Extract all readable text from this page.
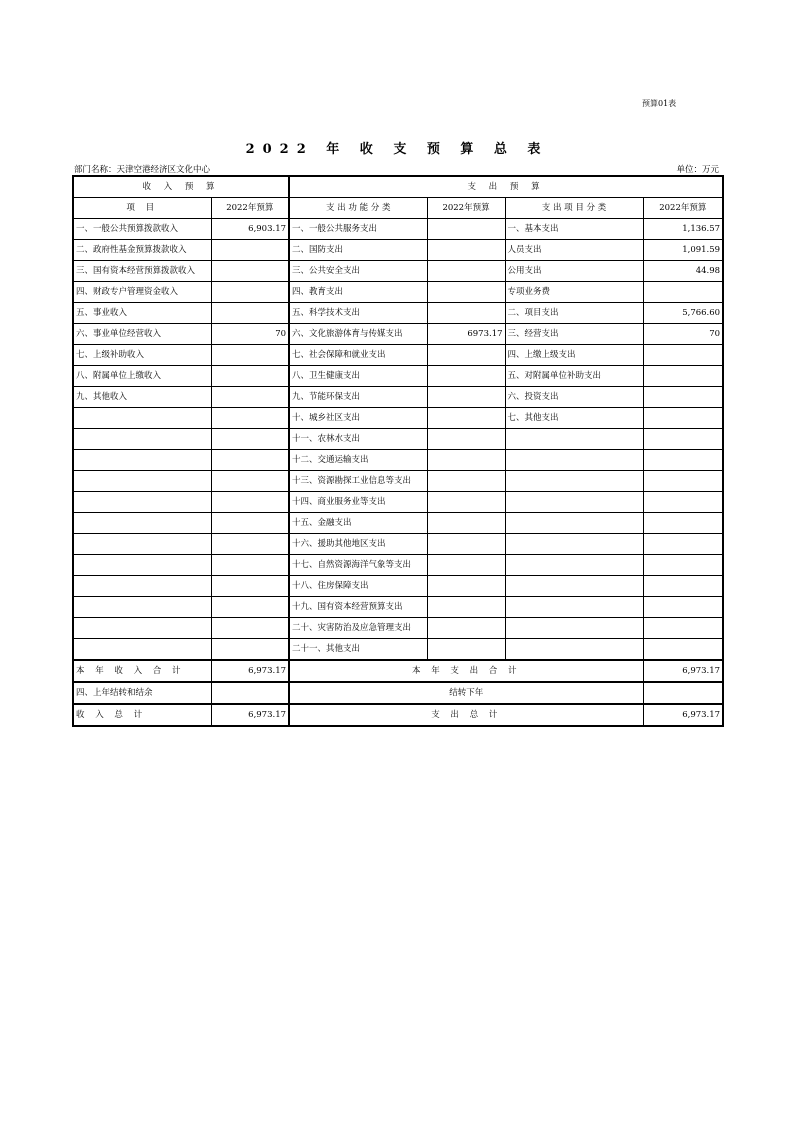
预算01表
2022 年 收 支 预 算 总 表
部门名称：天津空港经济区文化中心	单位：万元
收 入 预 算		支 出 预 算			
项 目	2022年预算	支 出 功 能 分 类	2022年预算	支 出 项 目 分 类	2022年预算
一、一般公共预算拨款收入	6,903.17	一、一般公共服务支出		一、基本支出	1,136.57
二、政府性基金预算拨款收入		二、国防支出		人员支出	1,091.59
三、国有资本经营预算拨款收入		三、公共安全支出		公用支出	44.98
四、财政专户管理资金收入		四、教育支出		专项业务费	
五、事业收入		五、科学技术支出		二、项目支出	5,766.60
六、事业单位经营收入	70	六、文化旅游体育与传媒支出	6973.17	三、经营支出	70
七、上级补助收入		七、社会保障和就业支出		四、上缴上级支出	
八、附属单位上缴收入		八、卫生健康支出		五、对附属单位补助支出	
九、其他收入		九、节能环保支出		六、投资支出	
		十、城乡社区支出		七、其他支出	
		十一、农林水支出			
		十二、交通运输支出			
		十三、资源勘探工业信息等支出			
		十四、商业服务业等支出			
		十五、金融支出			
		十六、援助其他地区支出			
		十七、自然资源海洋气象等支出			
		十八、住房保障支出			
		十九、国有资本经营预算支出			
		二十、灾害防治及应急管理支出			
		二十一、其他支出			
本 年 收 入 合 计	6,973.17	本 年 支 出 合 计			6,973.17
四、上年结转和结余		结转下年			
收 入 总 计	6,973.17	支 出 总 计			6,973.17
